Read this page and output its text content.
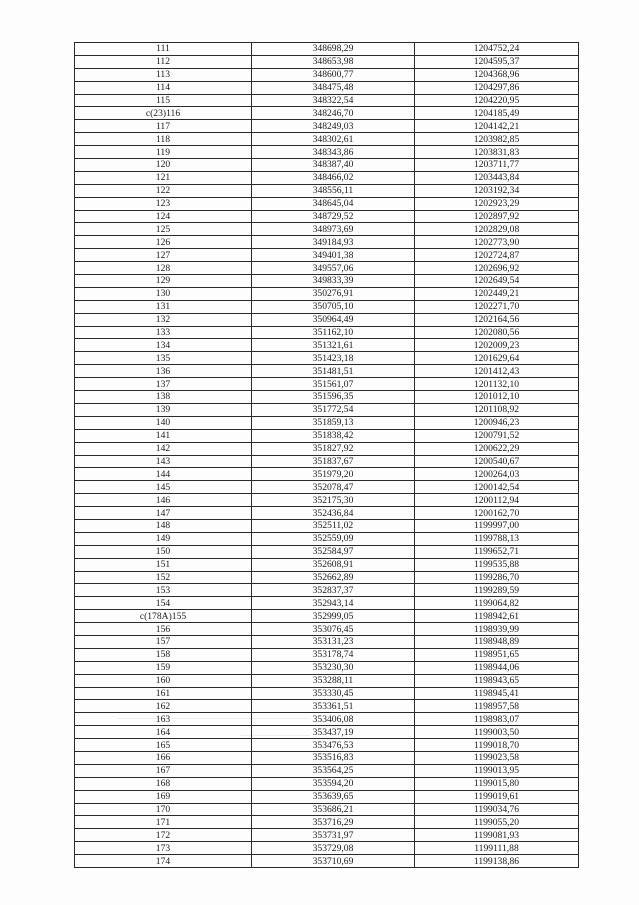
111	348698,29	1204752,24
112	348653,98	1204595,37
113	348600,77	1204368,96
114	348475,48	1204297,86
115	348322,54	1204220,95
c(23)116	348246,70	1204185,49
117	348249,03	1204142,21
118	348302,61	1203982,85
119	348343,86	1203831,83
120	348387,40	1203711,77
121	348466,02	1203443,84
122	348556,11	1203192,34
123	348645,04	1202923,29
124	348729,52	1202897,92
125	348973,69	1202829,08
126	349184,93	1202773,90
127	349401,38	1202724,87
128	349557,06	1202696,92
129	349833,39	1202649,54
130	350276,91	1202449,21
131	350705,10	1202271,70
132	350964,49	1202164,56
133	351162,10	1202080,56
134	351321,61	1202009,23
135	351423,18	1201629,64
136	351481,51	1201412,43
137	351561,07	1201132,10
138	351596,35	1201012,10
139	351772,54	1201108,92
140	351859,13	1200946,23
141	351838,42	1200791,52
142	351827,92	1200622,29
143	351837,67	1200540,67
144	351979,20	1200264,03
145	352078,47	1200142,54
146	352175,30	1200112,94
147	352436,84	1200162,70
148	352511,02	1199997,00
149	352559,09	1199788,13
150	352584,97	1199652,71
151	352608,91	1199535,88
152	352662,89	1199286,70
153	352837,37	1199289,59
154	352943,14	1199064,82
c(178A)155	352999,05	1198942,61
156	353076,45	1198939,99
157	353131,23	1198948,89
158	353178,74	1198951,65
159	353230,30	1198944,06
160	353288,11	1198943,65
161	353330,45	1198945,41
162	353361,51	1198957,58
163	353406,08	1198983,07
164	353437,19	1199003,50
165	353476,53	1199018,70
166	353516,83	1199023,58
167	353564,25	1199013,95
168	353594,20	1199015,80
169	353639,65	1199019,61
170	353686,21	1199034,76
171	353716,29	1199055,20
172	353731,97	1199081,93
173	353729,08	1199111,88
174	353710,69	1199138,86
